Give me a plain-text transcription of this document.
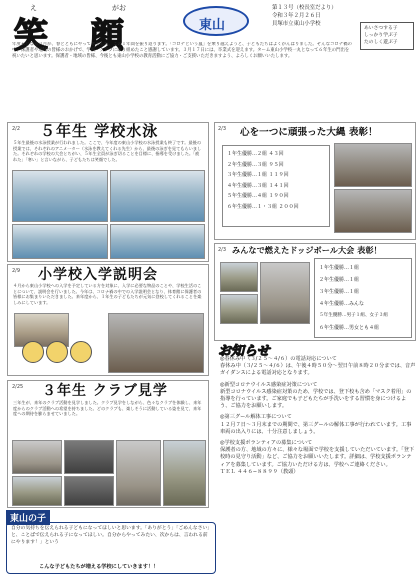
え	がお
笑 顔	東山
第１３号（校長室だより）
令和３年２月２６日
貝塚市立東山小学校
あいさつする子
しっかり学ぶ子
たのしく遊ぶ子
年度末となる３月が、春とともにやってきました。この１年間を振り返ります。「コロナという嵐」を乗り越えようと、子どもたちはよくがんばりました。そんなコロナ禍の中、保護者や地域の皆様のおかげで、学校・クラブに取り組めたこと感謝しています。３月１７日には、卒業式を迎えます。ターム東山小学校一丸となって６年生の門出を祝いたいと思います。保護者・地域の皆様、今後とも東山小学校の教育活動にご協力・ご支援いただきますよう、よろしくお願いいたします。
2/2 ５年生 学校水泳
５年生最後の水泳授業が行われました。ここで、今年度の東山小学校の水泳授業も終了です。最後の授業では、それぞれのアニメ一ター（水泳を教えてくれる先生）から、最後の泳ぎを見てもらいました。それぞれの学校の大会とちがい、５年生全員が泳ぎ切ることを目標に、指導を受けました。「疲れた」「寒い」と言いながら、子どもたちは笑顔でした。
2/9 小学校入学説明会
４月から東山小学校への入学を予定している方を対象に、入学に必要な物品のことや、学校生活のことについて、説明会を行いました。今年は、コロナ禍の中での入学説明会となり、体育館に保護者の皆様にお集まりいただきました。来年度から、１年生の子どもたちが元気に登校してくれることを楽しみにしています。
2/25 ３年生 クラブ見学
三年生が、来年のクラブ活動を見学しました。クラブ見学をしながら、色々なクラブを体験し、来年度からのクラブ活動への希望を持ちました。どのクラブも、楽しそうに活動している姿を見て、来年度への期待を膨らませていました。
2/3 心を一つに頑張った大縄 表彰！
１年生優勝…２組 ４３回
２年生優勝…３組 ９５回
３年生優勝…１組 １１９回
４年生優勝…３組 １４１回
５年生優勝…４組 １９０回
６年生優勝…１・３組 ２００回
2/3 みんなで燃えたドッジボール大会 表彰！
１年生優勝…１組
２年生優勝…１組
３年生優勝…１組
４年生優勝…みんな
５年生優勝…男子１組、女子３組
６年生優勝…男女とも４組
お知らせ
◎春休み中（３/２５〜４/６）の電話対応について
春休み中（３/２５〜４/６）は、午後４時５０分〜翌日午前８時２０分までは、音声ガイダンスによる電話対応となります。
◎新型コロナウイルス感染症対策について
新型コロナウイルス感染症対策のため、学校では、登下校も含め「マスク着用」の指導を行っています。ご家庭でも子どもたちが手洗いをする習慣を身につけるよう、ご協力をお願いします。
◎第三グール解体工事について
１２月７日〜３月末までの期間で、第三グールの解体工事が行われています。工事車両の出入りには、十分注意しましょう。
◎学校支援ボランティアの募集について
保護者の方、地域の方々に、様々な場面で学校を支援していただいています。「登下校時の見守り活動」など、ご協力をお願いいたします。詳細は、学校支援ボランティアを募集しています。ご協力いただける方は、学校へご連絡ください。
ＴＥＬ ４４６−８８９９（教頭）
東山の子
自分の気持ちを伝えられる子どもになってほしいと思います。「ありがとう」「ごめんなさい」と、ことばで伝えられる子になってほしい。自分からやってみたい、次からは、言われる前にやります！」という
こんな子どもたちが増える学校にしていきます！！
